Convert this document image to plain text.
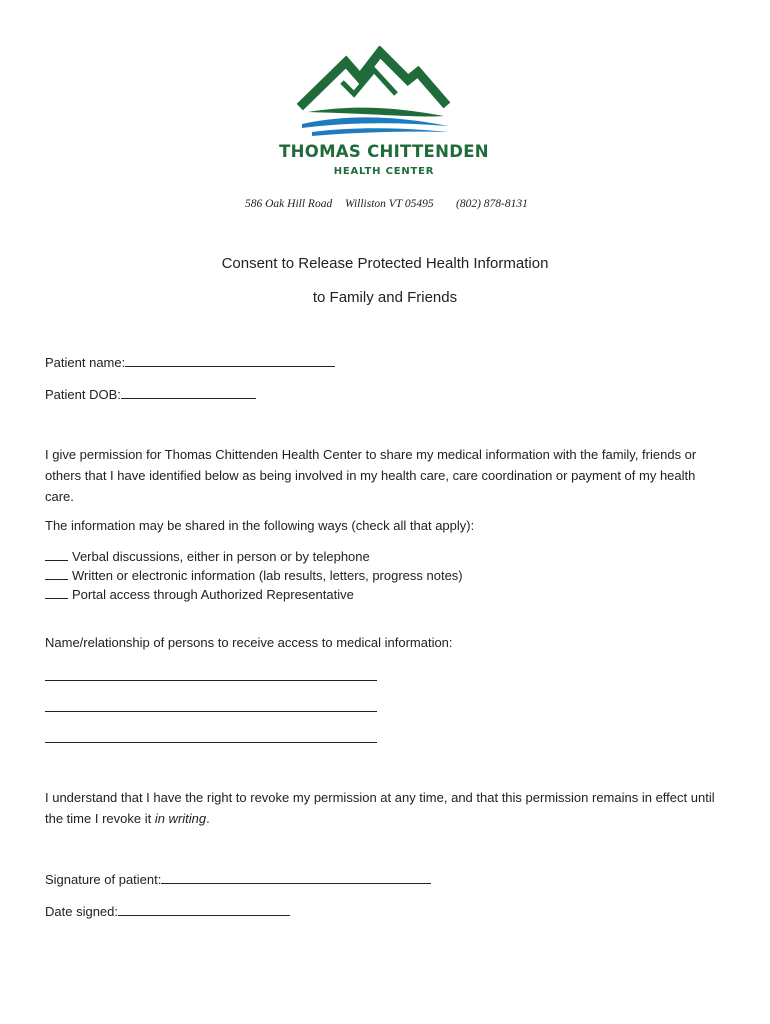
THOMAS CHITTENDEN
HEALTH CENTER
586 Oak Hill Road Williston VT 05495 (802) 878-8131
Consent to Release Protected Health Information
to Family and Friends
Patient name:
Patient DOB:
I give permission for Thomas Chittenden Health Center to share my medical information with the family, friends or others that I have identified below as being involved in my health care, care coordination or payment of my health care.
The information may be shared in the following ways (check all that apply):
Verbal discussions, either in person or by telephone
Written or electronic information (lab results, letters, progress notes)
Portal access through Authorized Representative
Name/relationship of persons to receive access to medical information:
I understand that I have the right to revoke my permission at any time, and that this permission remains in effect until the time I revoke it in writing.
Signature of patient:
Date signed:
